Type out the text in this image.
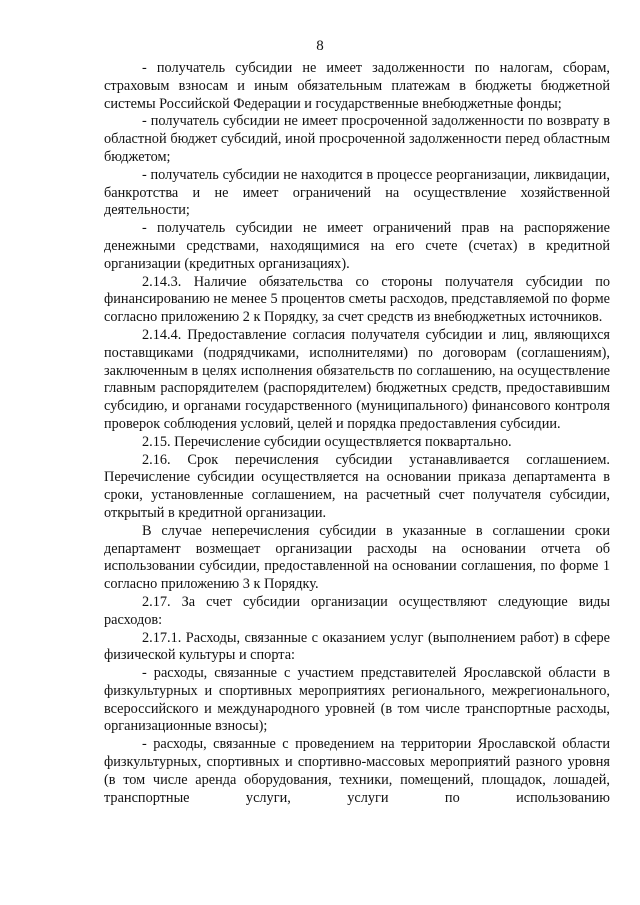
8

- получатель субсидии не имеет задолженности по налогам, сборам, страховым взносам и иным обязательным платежам в бюджеты бюджетной системы Российской Федерации и государственные внебюджетные фонды;

- получатель субсидии не имеет просроченной задолженности по возврату в областной бюджет субсидий, иной просроченной задолженности перед областным бюджетом;

- получатель субсидии не находится в процессе реорганизации, ликвидации, банкротства и не имеет ограничений на осуществление хозяйственной деятельности;

- получатель субсидии не имеет ограничений прав на распоряжение денежными средствами, находящимися на его счете (счетах) в кредитной организации (кредитных организациях).

2.14.3. Наличие обязательства со стороны получателя субсидии по финансированию не менее 5 процентов сметы расходов, представляемой по форме согласно приложению 2 к Порядку, за счет средств из внебюджетных источников.

2.14.4. Предоставление согласия получателя субсидии и лиц, являющихся поставщиками (подрядчиками, исполнителями) по договорам (соглашениям), заключенным в целях исполнения обязательств по соглашению, на осуществление главным распорядителем (распорядителем) бюджетных средств, предоставившим субсидию, и органами государственного (муниципального) финансового контроля проверок соблюдения условий, целей и порядка предоставления субсидии.

2.15. Перечисление субсидии осуществляется поквартально.

2.16. Срок перечисления субсидии устанавливается соглашением. Перечисление субсидии осуществляется на основании приказа департамента в сроки, установленные соглашением, на расчетный счет получателя субсидии, открытый в кредитной организации.

В случае неперечисления субсидии в указанные в соглашении сроки департамент возмещает организации расходы на основании отчета об использовании субсидии, предоставленной на основании соглашения, по форме 1 согласно приложению 3 к Порядку.

2.17. За счет субсидии организации осуществляют следующие виды расходов:

2.17.1. Расходы, связанные с оказанием услуг (выполнением работ) в сфере физической культуры и спорта:

- расходы, связанные с участием представителей Ярославской области в физкультурных и спортивных мероприятиях регионального, межрегионального, всероссийского и международного уровней (в том числе транспортные расходы, организационные взносы);

- расходы, связанные с проведением на территории Ярославской области физкультурных, спортивных и спортивно-массовых мероприятий разного уровня (в том числе аренда оборудования, техники, помещений, площадок, лошадей, транспортные услуги, услуги по использованию
